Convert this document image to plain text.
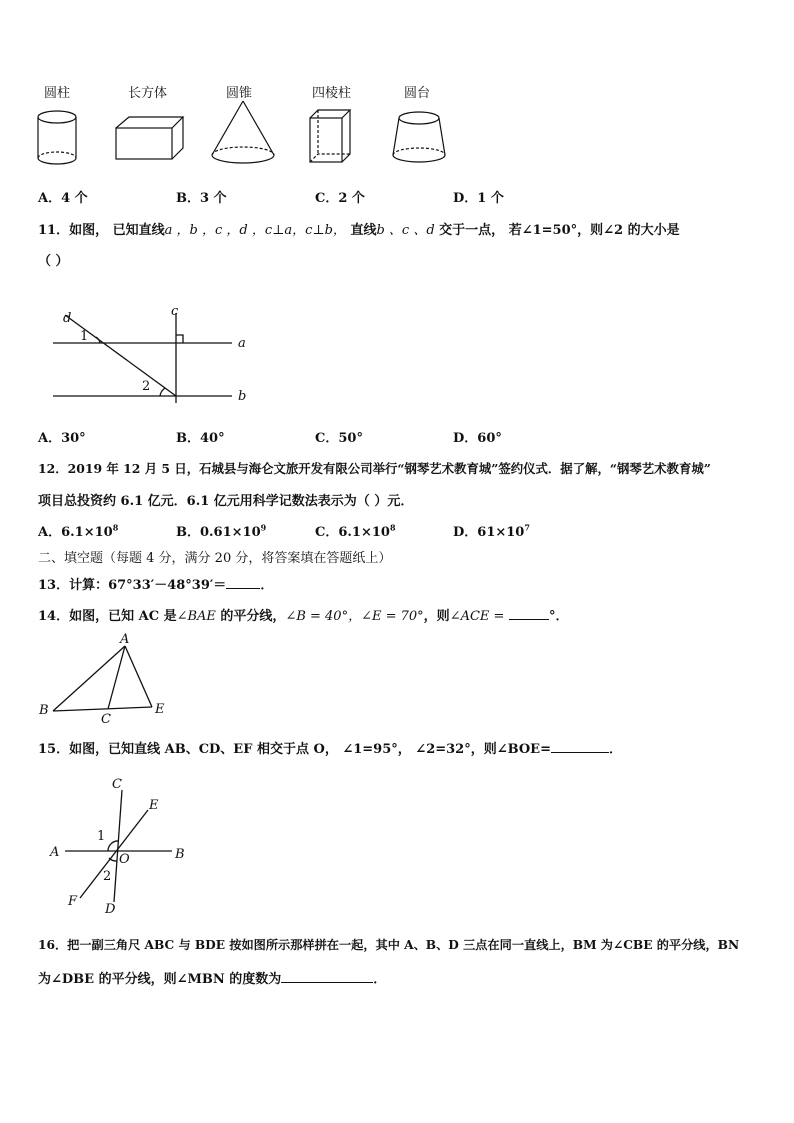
圆柱	长方体	圆锥	四棱柱	圆台
A．4 个	B．3 个	C．2 个	D．1 个
11．如图， 已知直线a ，b ，c ，d ，c⊥a，c⊥b， 直线b 、c 、d 交于一点， 若∠1=50°，则∠2 的大小是
（ ）
d	c
a
b
1
2
A．30°	B．40°	C．50°	D．60°
12．2019 年 12 月 5 日，石城县与海仑文旅开发有限公司举行“钢琴艺术教育城”签约仪式．据了解，“钢琴艺术教育城”
项目总投资约 6.1 亿元．6.1 亿元用科学记数法表示为（ ）元．
A．$6.1\times 10^8$	B．$0.61\times 10^9$	C．$6.1\times 10^8$	D．$61\times 10^7$
二、填空题（每题 4 分，满分 20 分，将答案填在答题纸上）
13．计算：67°33′－48°39′＝	．
14．如图，已知 AC 是∠BAE 的平分线，∠B = 40°，∠E = 70°，则∠ACE =	°．
A
B
C
E
15．如图，已知直线 AB、CD、EF 相交于点 O， ∠1=95°， ∠2=32°，则∠BOE=	．
C
E
A	B
O
F
D
1
2
16．把一副三角尺 ABC 与 BDE 按如图所示那样拼在一起，其中 A、B、D 三点在同一直线上，BM 为∠CBE 的平分线，BN
为∠DBE 的平分线，则∠MBN 的度数为	．
